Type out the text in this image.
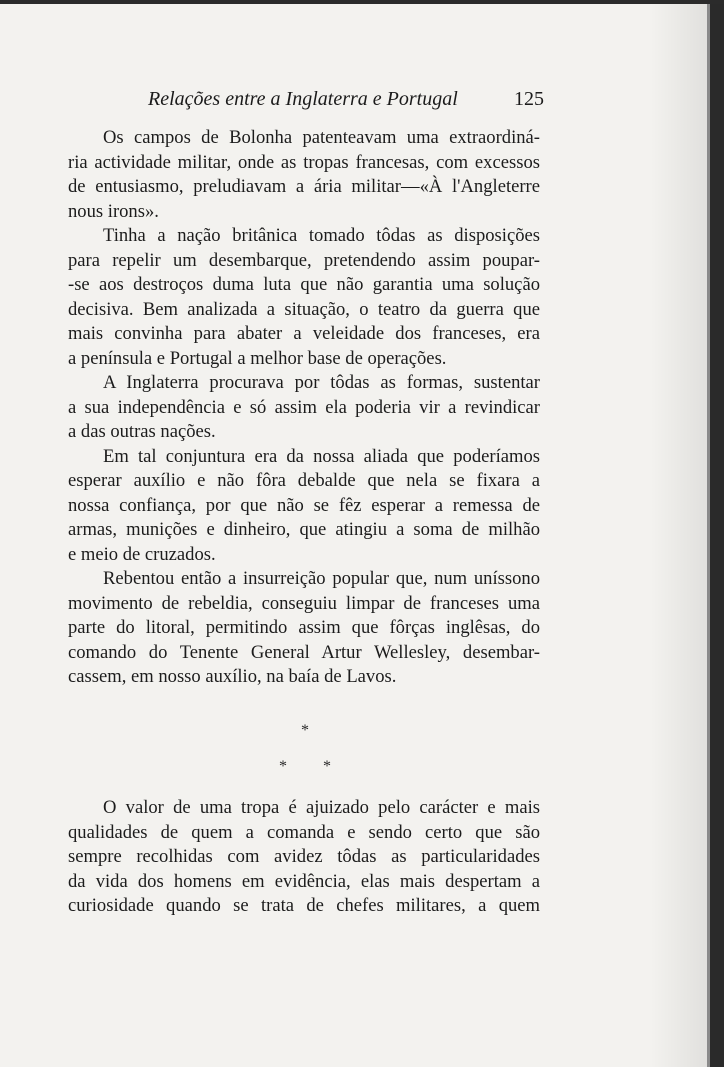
Relações entre a Inglaterra e Portugal	125
Os campos de Bolonha patenteavam uma extraordiná-
ria actividade militar, onde as tropas francesas, com excessos
de entusiasmo, preludiavam a ária militar—«À l'Angleterre
nous irons».
Tinha a nação britânica tomado tôdas as disposições
para repelir um desembarque, pretendendo assim poupar-
-se aos destroços duma luta que não garantia uma solução
decisiva. Bem analizada a situação, o teatro da guerra que
mais convinha para abater a veleidade dos franceses, era
a península e Portugal a melhor base de operações.
A Inglaterra procurava por tôdas as formas, sustentar
a sua independência e só assim ela poderia vir a revindicar
a das outras nações.
Em tal conjuntura era da nossa aliada que poderíamos
esperar auxílio e não fôra debalde que nela se fixara a
nossa confiança, por que não se fêz esperar a remessa de
armas, munições e dinheiro, que atingiu a soma de milhão
e meio de cruzados.
Rebentou então a insurreição popular que, num uníssono
movimento de rebeldia, conseguiu limpar de franceses uma
parte do litoral, permitindo assim que fôrças inglêsas, do
comando do Tenente General Artur Wellesley, desembar-
cassem, em nosso auxílio, na baía de Lavos.
*
* *
O valor de uma tropa é ajuizado pelo carácter e mais
qualidades de quem a comanda e sendo certo que são
sempre recolhidas com avidez tôdas as particularidades
da vida dos homens em evidência, elas mais despertam a
curiosidade quando se trata de chefes militares, a quem
